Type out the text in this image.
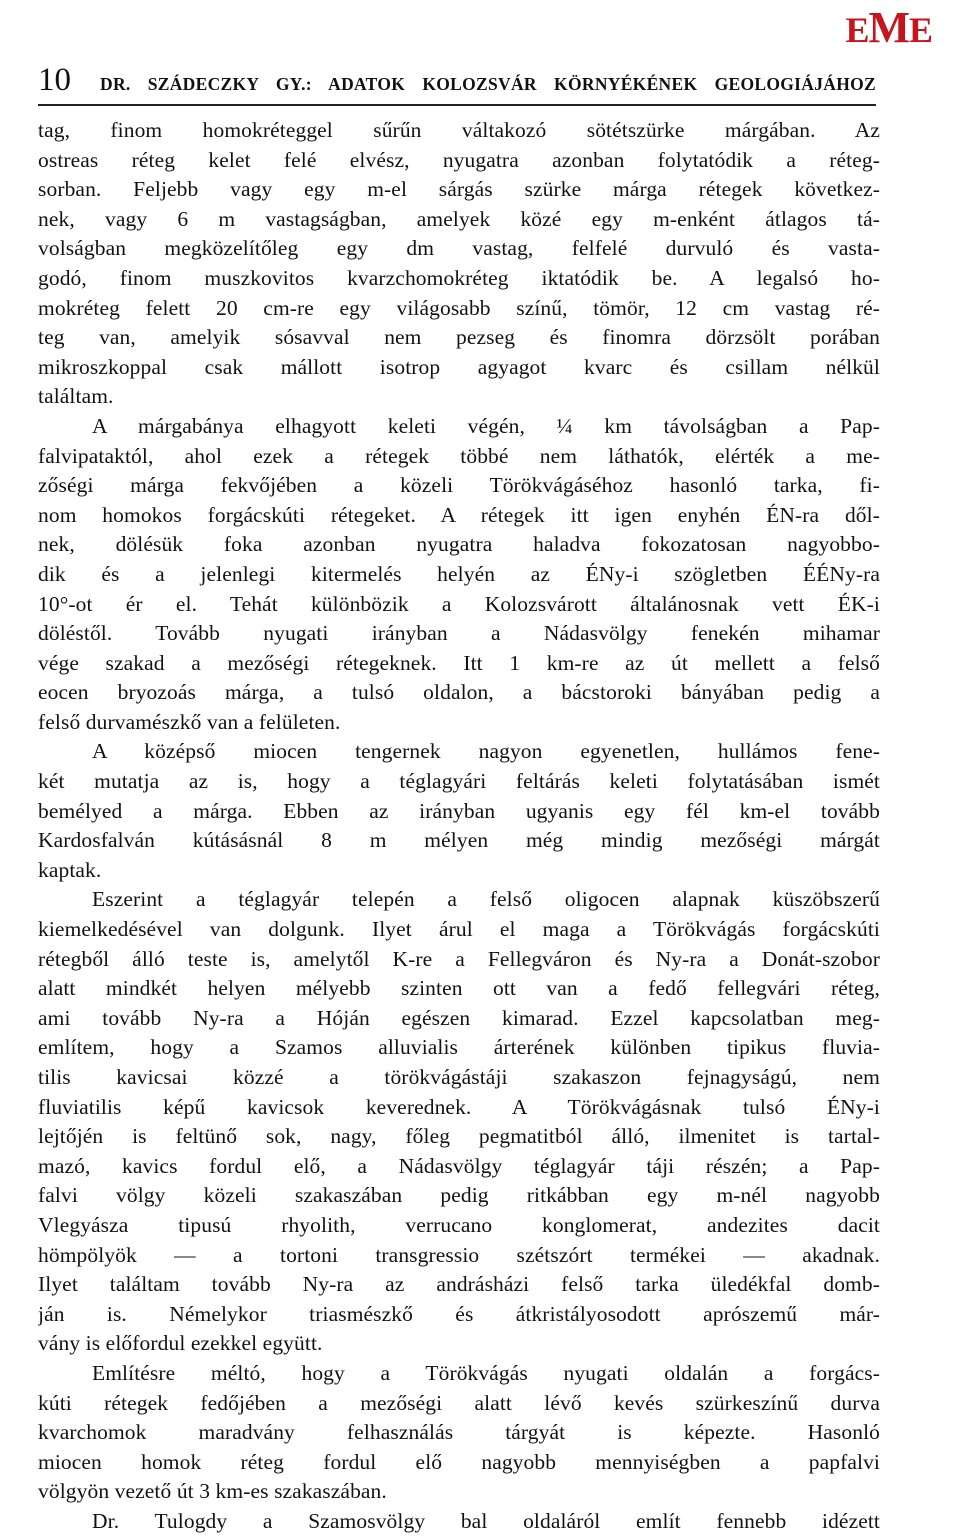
EME
10	DR. SZÁDECZKY GY.: ADATOK KOLOZSVÁR KÖRNYÉKÉNEK GEOLOGIÁJÁHOZ

tag, finom homokréteggel sűrűn váltakozó sötétszürke márgában. Az
ostreas réteg kelet felé elvész, nyugatra azonban folytatódik a réteg-
sorban. Feljebb vagy egy m-el sárgás szürke márga rétegek következ-
nek, vagy 6 m vastagságban, amelyek közé egy m-enként átlagos tá-
volságban megközelítőleg egy dm vastag, felfelé durvuló és vasta-
godó, finom muszkovitos kvarzchomokréteg iktatódik be. A legalsó ho-
mokréteg felett 20 cm-re egy világosabb színű, tömör, 12 cm vastag ré-
teg van, amelyik sósavval nem pezseg és finomra dörzsölt porában
mikroszkoppal csak mállott isotrop agyagot kvarc és csillam nélkül
találtam.

A márgabánya elhagyott keleti végén, ¼ km távolságban a Pap-
falvipataktól, ahol ezek a rétegek többé nem láthatók, elérték a me-
zőségi márga fekvőjében a közeli Törökvágáséhoz hasonló tarka, fi-
nom homokos forgácskúti rétegeket. A rétegek itt igen enyhén ÉN-ra dől-
nek, dölésük foka azonban nyugatra haladva fokozatosan nagyobbo-
dik és a jelenlegi kitermelés helyén az ÉNy-i szögletben ÉÉNy-ra
10°-ot ér el. Tehát különbözik a Kolozsvárott általánosnak vett ÉK-i
döléstől. Tovább nyugati irányban a Nádasvölgy fenekén mihamar
vége szakad a mezőségi rétegeknek. Itt 1 km-re az út mellett a felső
eocen bryozoás márga, a tulsó oldalon, a bácstoroki bányában pedig a
felső durvamészkő van a felületen.

A középső miocen tengernek nagyon egyenetlen, hullámos fene-
két mutatja az is, hogy a téglagyári feltárás keleti folytatásában ismét
bemélyed a márga. Ebben az irányban ugyanis egy fél km-el tovább
Kardosfalván kútásásnál 8 m mélyen még mindig mezőségi márgát
kaptak.

Eszerint a téglagyár telepén a felső oligocen alapnak küszöbszerű
kiemelkedésével van dolgunk. Ilyet árul el maga a Törökvágás forgácskúti
rétegből álló teste is, amelytől K-re a Fellegváron és Ny-ra a Donát-szobor
alatt mindkét helyen mélyebb szinten ott van a fedő fellegvári réteg,
ami tovább Ny-ra a Hóján egészen kimarad. Ezzel kapcsolatban meg-
említem, hogy a Szamos alluvialis árterének különben tipikus fluvia-
tilis kavicsai közzé a törökvágástáji szakaszon fejnagyságú, nem
fluviatilis képű kavicsok keverednek. A Törökvágásnak tulsó ÉNy-i
lejtőjén is feltünő sok, nagy, főleg pegmatitból álló, ilmenitet is tartal-
mazó, kavics fordul elő, a Nádasvölgy téglagyár táji részén; a Pap-
falvi völgy közeli szakaszában pedig ritkábban egy m-nél nagyobb
Vlegyásza tipusú rhyolith, verrucano konglomerat, andezites dacit
hömpölyök — a tortoni transgressio szétszórt termékei — akadnak.
Ilyet találtam tovább Ny-ra az andrásházi felső tarka üledékfal domb-
ján is. Némelykor triasmészkő és átkristályosodott aprószemű már-
vány is előfordul ezekkel együtt.

Említésre méltó, hogy a Törökvágás nyugati oldalán a forgács-
kúti rétegek fedőjében a mezőségi alatt lévő kevés szürkeszínű durva
kvarchomok maradvány felhasználás tárgyát is képezte. Hasonló
miocen homok réteg fordul elő nagyobb mennyiségben a papfalvi
völgyön vezető út 3 km-es szakaszában.

Dr. Tulogdy a Szamosvölgy bal oldaláról említ fennebb idézett
